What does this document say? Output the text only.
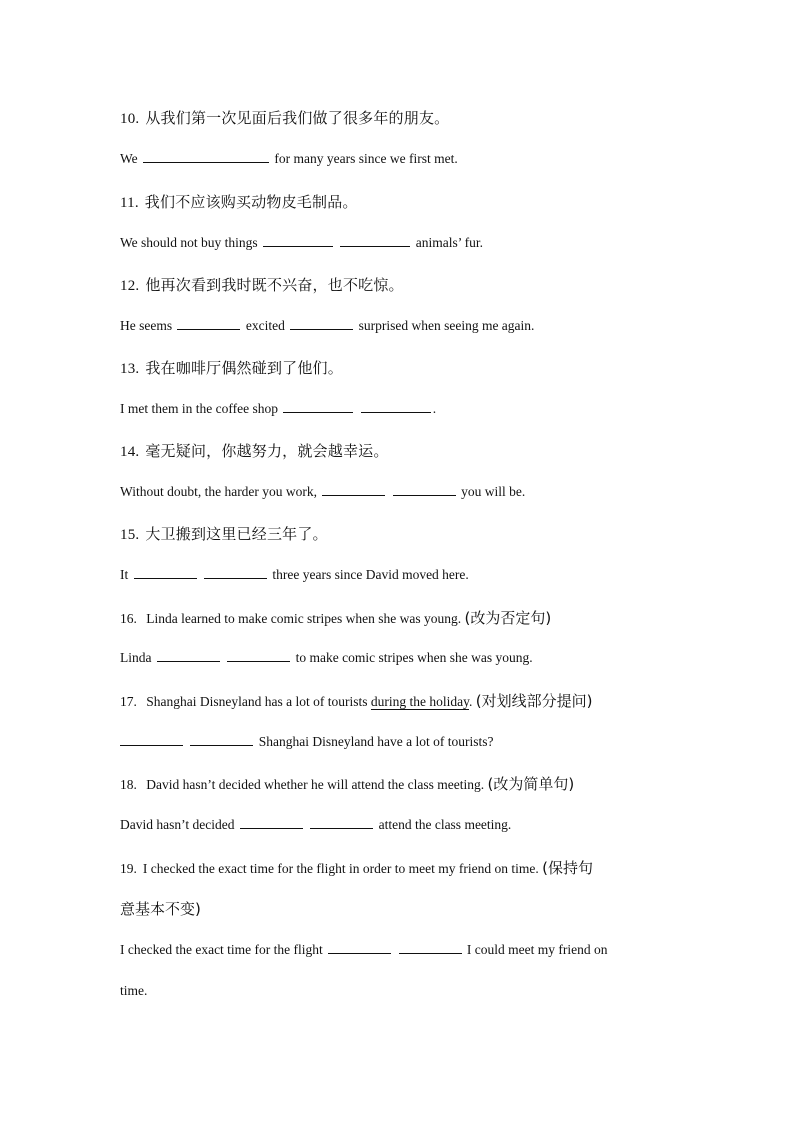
10. 从我们第一次见面后我们做了很多年的朋友。
We	for many years since we first met.
11. 我们不应该购买动物皮毛制品。
We should not buy things	animals’ fur.
12. 他再次看到我时既不兴奋，也不吃惊。
He seems	excited	surprised when seeing me again.
13. 我在咖啡厅偶然碰到了他们。
I met them in the coffee shop	.
14. 毫无疑问，你越努力，就会越幸运。
Without doubt, the harder you work,	you will be.
15. 大卫搬到这里已经三年了。
It	three years since David moved here.
16. Linda learned to make comic stripes when she was young. (改为否定句)
Linda	to make comic stripes when she was young.
17. Shanghai Disneyland has a lot of tourists during the holiday. (对划线部分提问)
Shanghai Disneyland have a lot of tourists?
18. David hasn’t decided whether he will attend the class meeting. (改为简单句)
David hasn’t decided	attend the class meeting.
19. I checked the exact time for the flight in order to meet my friend on time. (保持句
意基本不变)
I checked the exact time for the flight	I could meet my friend on
time.
